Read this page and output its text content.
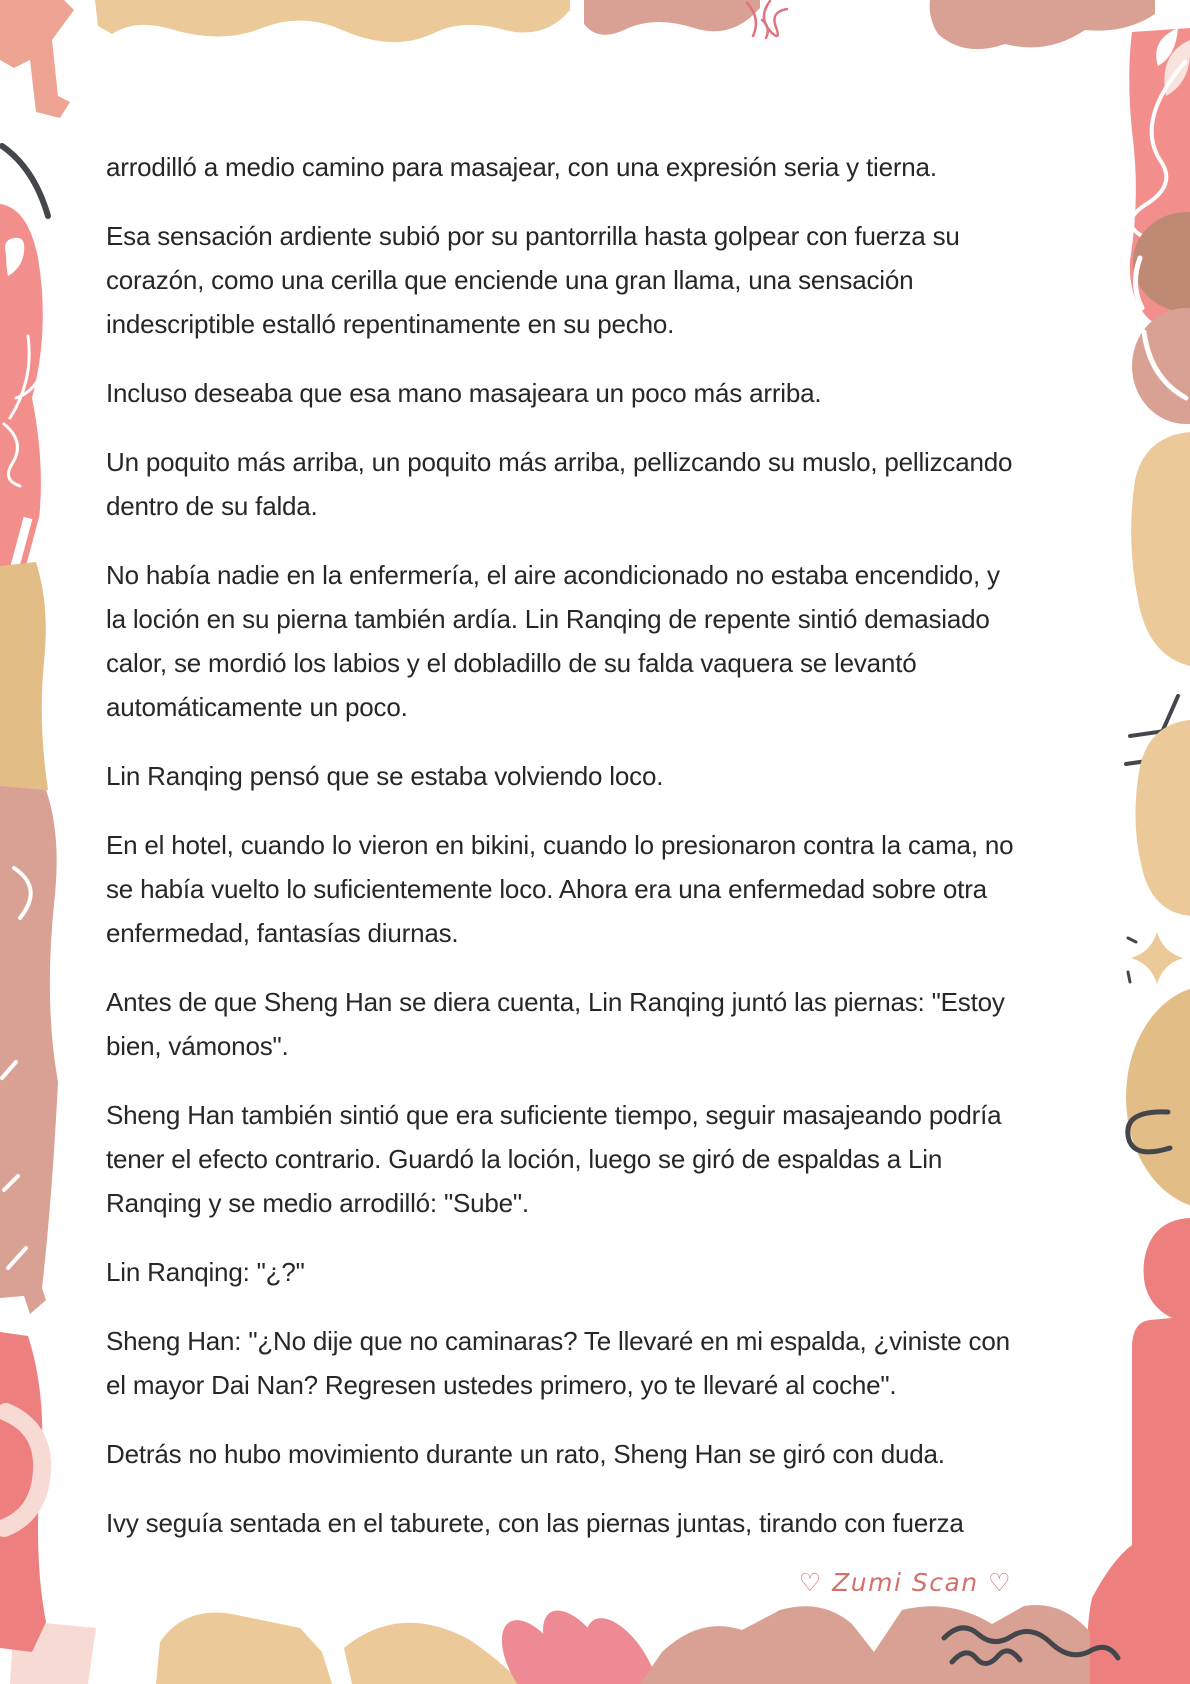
arrodilló a medio camino para masajear, con una expresión seria y tierna.

Esa sensación ardiente subió por su pantorrilla hasta golpear con fuerza su corazón, como una cerilla que enciende una gran llama, una sensación indescriptible estalló repentinamente en su pecho.

Incluso deseaba que esa mano masajeara un poco más arriba.

Un poquito más arriba, un poquito más arriba, pellizcando su muslo, pellizcando dentro de su falda.

No había nadie en la enfermería, el aire acondicionado no estaba encendido, y la loción en su pierna también ardía. Lin Ranqing de repente sintió demasiado calor, se mordió los labios y el dobladillo de su falda vaquera se levantó automáticamente un poco.

Lin Ranqing pensó que se estaba volviendo loco.

En el hotel, cuando lo vieron en bikini, cuando lo presionaron contra la cama, no se había vuelto lo suficientemente loco. Ahora era una enfermedad sobre otra enfermedad, fantasías diurnas.

Antes de que Sheng Han se diera cuenta, Lin Ranqing juntó las piernas: "Estoy bien, vámonos".

Sheng Han también sintió que era suficiente tiempo, seguir masajeando podría tener el efecto contrario. Guardó la loción, luego se giró de espaldas a Lin Ranqing y se medio arrodilló: "Sube".

Lin Ranqing: "¿?"

Sheng Han: "¿No dije que no caminaras? Te llevaré en mi espalda, ¿viniste con el mayor Dai Nan? Regresen ustedes primero, yo te llevaré al coche".

Detrás no hubo movimiento durante un rato, Sheng Han se giró con duda.

Ivy seguía sentada en el taburete, con las piernas juntas, tirando con fuerza

♡ Zumi Scan ♡
